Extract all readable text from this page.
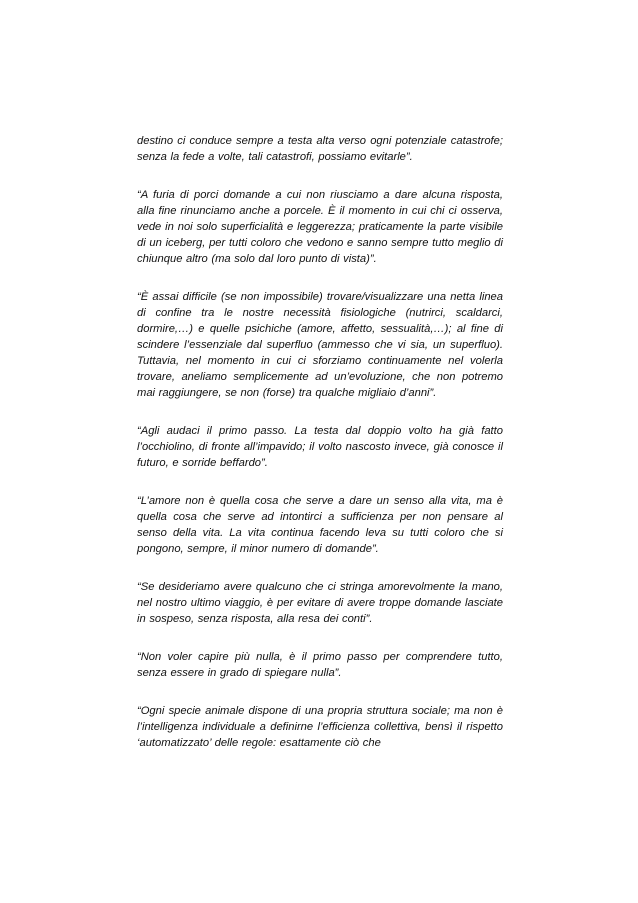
destino ci conduce sempre a testa alta verso ogni potenziale catastrofe; senza la fede a volte, tali catastrofi, possiamo evitarle”.

“A furia di porci domande a cui non riusciamo a dare alcuna risposta, alla fine rinunciamo anche a porcele. È il momento in cui chi ci osserva, vede in noi solo superficialità e leggerezza; praticamente la parte visibile di un iceberg, per tutti coloro che vedono e sanno sempre tutto meglio di chiunque altro (ma solo dal loro punto di vista)”.

“È assai difficile (se non impossibile) trovare/visualizzare una netta linea di confine tra le nostre necessità fisiologiche (nutrirci, scaldarci, dormire,…) e quelle psichiche (amore, affetto, sessualità,…); al fine di scindere l’essenziale dal superfluo (ammesso che vi sia, un superfluo). Tuttavia, nel momento in cui ci sforziamo continuamente nel volerla trovare, aneliamo semplicemente ad un’evoluzione, che non potremo mai raggiungere, se non (forse) tra qualche migliaio d’anni”.

“Agli audaci il primo passo. La testa dal doppio volto ha già fatto l’occhiolino, di fronte all’impavido; il volto nascosto invece, già conosce il futuro, e sorride beffardo”.

“L’amore non è quella cosa che serve a dare un senso alla vita, ma è quella cosa che serve ad intontirci a sufficienza per non pensare al senso della vita. La vita continua facendo leva su tutti coloro che si pongono, sempre, il minor numero di domande”.

“Se desideriamo avere qualcuno che ci stringa amorevolmente la mano, nel nostro ultimo viaggio, è per evitare di avere troppe domande lasciate in sospeso, senza risposta, alla resa dei conti”.

“Non voler capire più nulla, è il primo passo per comprendere tutto, senza essere in grado di spiegare nulla”.

“Ogni specie animale dispone di una propria struttura sociale; ma non è l’intelligenza individuale a definirne l’efficienza collettiva, bensì il rispetto ‘automatizzato’ delle regole: esattamente ciò che
